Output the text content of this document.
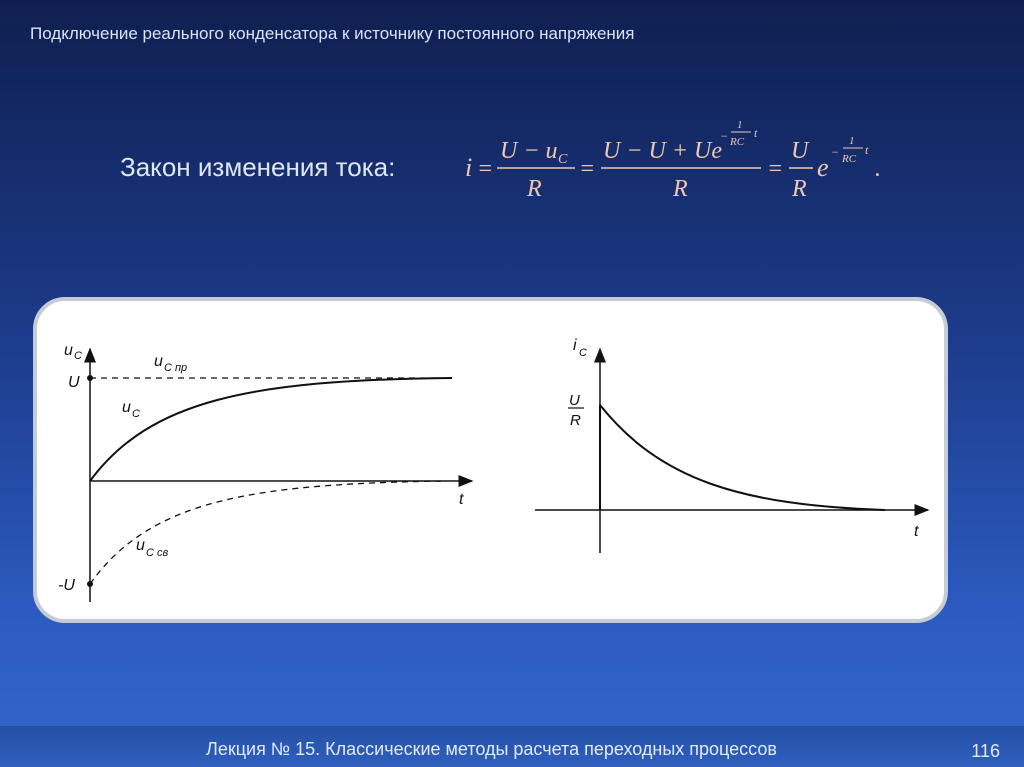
Подключение реального конденсатора к источнику постоянного напряжения
Закон изменения тока:	i =
U − u C
R
=
U − U + Ue
−
1
RC
t
R
=
U
R
e
−
1
RC
t
.
u C
U
-U
t
u C пр
u C
u C св
i C
U
R
t
Лекция № 15. Классические методы расчета переходных процессов	116
